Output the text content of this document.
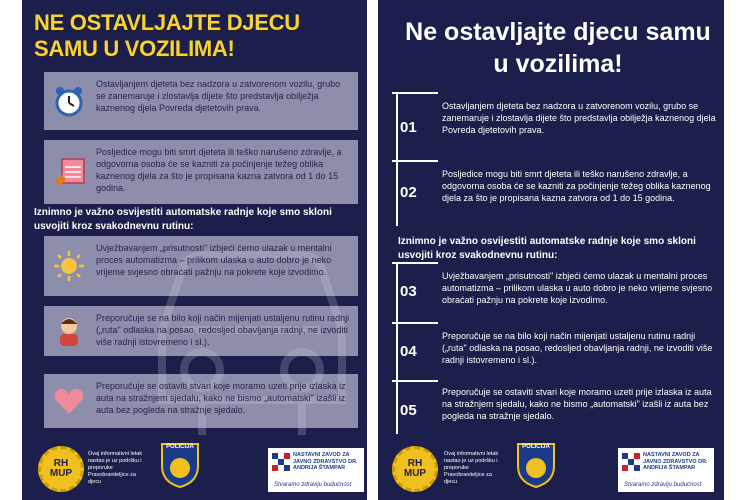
NE OSTAVLJAJTE DJECU SAMU U VOZILIMA!
Ostavljanjem djeteta bez nadzora u zatvorenom vozilu, grubo se zanemaruje i zlostavlja dijete što predstavlja obilježja kaznenog djela Povreda djetetovih prava.
Posljedice mogu biti smrt djeteta ili teško narušeno zdravlje, a odgovorna osoba će se kazniti za počinjenje težeg oblika kaznenog djela za što je propisana kazna zatvora od 1 do 15 godina.
Iznimno je važno osvijestiti automatske radnje koje smo skloni usvojiti kroz svakodnevnu rutinu:
Uvježbavanjem „prisutnosti" izbjeći ćemo ulazak u mentalni proces automatizma – prilikom ulaska u auto dobro je neko vrijeme svjesno obraćati pažnju na pokrete koje izvodimo.
Preporučuje se na bilo koji način mijenjati ustaljenu rutinu radnji („ruta" odlaska na posao, redosljed obavljanja radnji, ne izvoditi više radnji istovremeno i sl.).
Preporučuje se ostaviti stvari koje moramo uzeti prije izlaska iz auta na stražnjem sjedalu, kako ne bismo „automatski" izašli iz auta bez pogleda na stražnje sjedalo.
RH
MUP
Ovaj informativni letak nastao je uz podršku i preporuke Pravobraniteljice za djecu
POLICIJA
NASTAVNI ZAVOD ZA JAVNO ZDRAVSTVO DR. ANDRIJA ŠTAMPAR
Stvaramo zdraviju budućnost
Ne ostavljajte djecu samu u vozilima!
01
Ostavljanjem djeteta bez nadzora u zatvorenom vozilu, grubo se zanemaruje i zlostavlja dijete što predstavlja obilježja kaznenog djela Povreda djetetovih prava.
02
Posljedice mogu biti smrt djeteta ili teško narušeno zdravlje, a odgovorna osoba će se kazniti za počinjenje težeg oblika kaznenog djela za što je propisana kazna zatvora od 1 do 15 godina.
Iznimno je važno osvijestiti automatske radnje koje smo skloni usvojiti kroz svakodnevnu rutinu:
03
Uvježbavanjem „prisutnosti" izbjeći ćemo ulazak u mentalni proces automatizma – prilikom ulaska u auto dobro je neko vrijeme svjesno obraćati pažnju na pokrete koje izvodimo.
04
Preporučuje se na bilo koji način mijenjati ustaljenu rutinu radnji („ruta" odlaska na posao, redosljed obavljanja radnji, ne izvoditi više radnji istovremeno i sl.).
05
Preporučuje se ostaviti stvari koje moramo uzeti prije izlaska iz auta na stražnjem sjedalu, kako ne bismo „automatski" izašli iz auta bez pogleda na stražnje sjedalo.
RH
MUP
Ovaj informativni letak nastao je uz podršku i preporuke Pravobraniteljice za djecu
POLICIJA
NASTAVNI ZAVOD ZA JAVNO ZDRAVSTVO DR. ANDRIJA ŠTAMPAR
Stvaramo zdraviju budućnost
